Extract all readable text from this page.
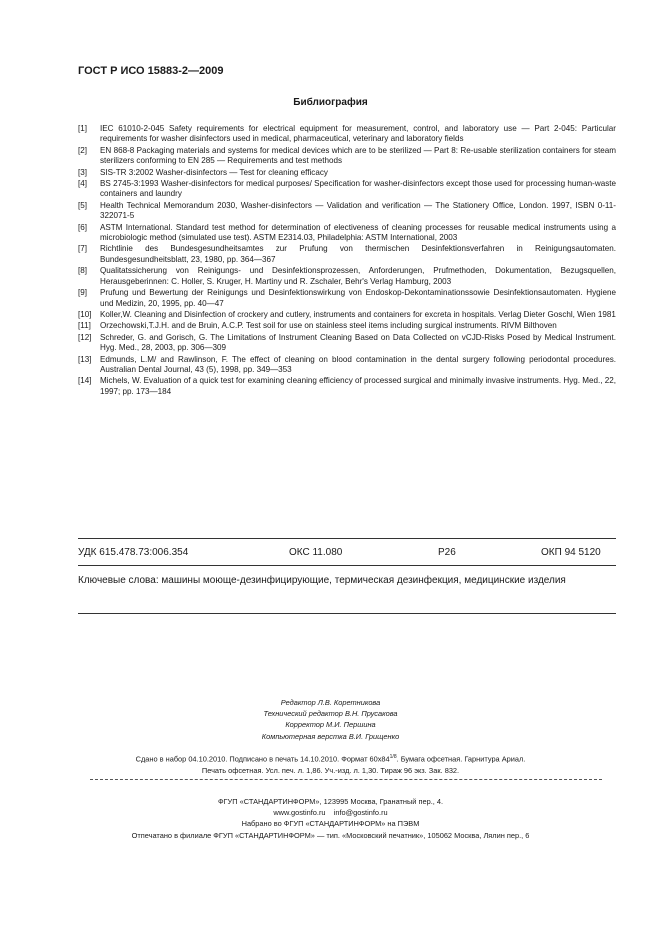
ГОСТ Р ИСО 15883-2—2009
Библиография
[1]	IEC 61010-2-045 Safety requirements for electrical equipment for measurement, control, and laboratory use — Part 2-045: Particular requirements for washer disinfectors used in medical, pharmaceutical, veterinary and laboratory fields
[2]	EN 868-8 Packaging materials and systems for medical devices which are to be sterilized — Part 8: Re-usable sterilization containers for steam sterilizers conforming to EN 285 — Requirements and test methods
[3]	SIS-TR 3:2002 Washer-disinfectors — Test for cleaning efficacy
[4]	BS 2745-3:1993 Washer-disinfectors for medical purposes/ Specification for washer-disinfectors except those used for processing human-waste containers and laundry
[5]	Health Technical Memorandum 2030, Washer-disinfectors — Validation and verification — The Stationery Office, London. 1997, ISBN 0-11-322071-5
[6]	ASTM International. Standard test method for determination of electiveness of cleaning processes for reusable medical instruments using a microbiologic method (simulated use test). ASTM E2314.03, Philadelphia: ASTM International, 2003
[7]	Richtlinie des Bundesgesundheitsamtes zur Prufung von thermischen Desinfektionsverfahren in Reinigungsautomaten. Bundesgesundheitsblatt, 23, 1980, pp. 364—367
[8]	Qualitatssicherung von Reinigungs- und Desinfektionsprozessen, Anforderungen, Prufmethoden, Dokumentation, Bezugsquellen, Herausgeberinnen: C. Holler, S. Kruger, H. Martiny und R. Zschaler, Behr's Verlag Hamburg, 2003
[9]	Prufung und Bewertung der Reinigungs und Desinfektionswirkung von Endoskop-Dekontaminationssowie Desinfektionsautomaten. Hygiene und Medizin, 20, 1995, pp. 40—47
[10]	Koller,W. Cleaning and Disinfection of crockery and cutlery, instruments and containers for excreta in hospitals. Verlag Dieter Goschl, Wien 1981
[11]	Orzechowski,T.J.H. and de Bruin, A.C.P. Test soil for use on stainless steel items including surgical instruments. RIVM Bilthoven
[12]	Schreder, G. and Gorisch, G. The Limitations of Instrument Cleaning Based on Data Collected on vCJD-Risks Posed by Medical Instrument. Hyg. Med., 28, 2003, pp. 306—309
[13]	Edmunds, L.M/ and Rawlinson, F. The effect of cleaning on blood contamination in the dental surgery following periodontal procedures. Australian Dental Journal, 43 (5), 1998, pp. 349—353
[14]	Michels, W. Evaluation of a quick test for examining cleaning efficiency of processed surgical and minimally invasive instruments. Hyg. Med., 22, 1997; pp. 173—184
УДК 615.478.73:006.354	ОКС 11.080	Р26	ОКП 94 5120
Ключевые слова: машины моюще-дезинфицирующие, термическая дезинфекция, медицинские изделия
Редактор Л.В. Коретникова
Технический редактор В.Н. Прусакова
Корректор М.И. Першина
Компьютерная верстка В.И. Грищенко
Сдано в набор 04.10.2010. Подписано в печать 14.10.2010. Формат $60х84^{1/8}$. Бумага офсетная. Гарнитура Ариал.
Печать офсетная. Усл. печ. л. 1,86. Уч.-изд. л. 1,30. Тираж 96 экз. Зак. 832.
ФГУП «СТАНДАРТИНФОРМ», 123995 Москва, Гранатный пер., 4.
www.gostinfo.ru    info@gostinfo.ru
Набрано во ФГУП «СТАНДАРТИНФОРМ» на ПЭВМ
Отпечатано в филиале ФГУП «СТАНДАРТИНФОРМ» — тип. «Московский печатник», 105062 Москва, Лялин пер., 6
